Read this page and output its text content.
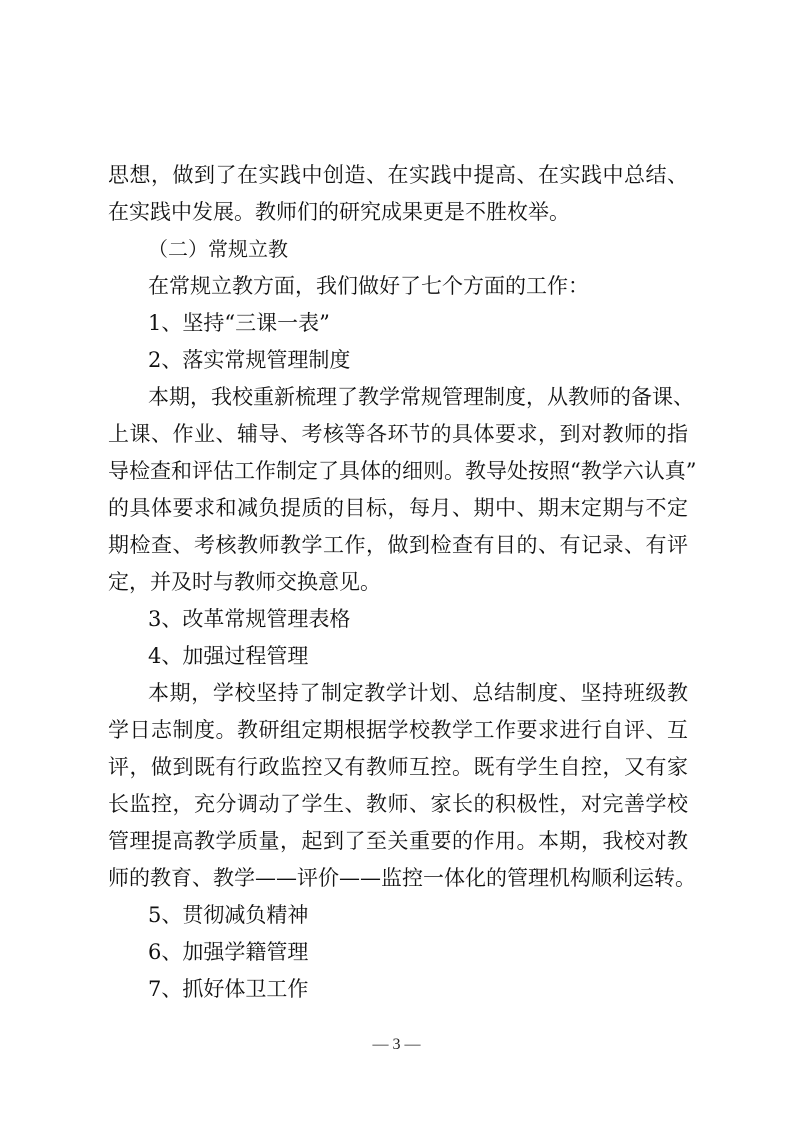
思想，做到了在实践中创造、在实践中提高、在实践中总结、
在实践中发展。教师们的研究成果更是不胜枚举。
（二）常规立教
在常规立教方面，我们做好了七个方面的工作：
1、坚持“三课一表”
2、落实常规管理制度
本期，我校重新梳理了教学常规管理制度，从教师的备课、
上课、作业、辅导、考核等各环节的具体要求，到对教师的指
导检查和评估工作制定了具体的细则。教导处按照“教学六认真”
的具体要求和减负提质的目标，每月、期中、期末定期与不定
期检查、考核教师教学工作，做到检查有目的、有记录、有评
定，并及时与教师交换意见。
3、改革常规管理表格
4、加强过程管理
本期，学校坚持了制定教学计划、总结制度、坚持班级教
学日志制度。教研组定期根据学校教学工作要求进行自评、互
评，做到既有行政监控又有教师互控。既有学生自控，又有家
长监控，充分调动了学生、教师、家长的积极性，对完善学校
管理提高教学质量，起到了至关重要的作用。本期，我校对教
师的教育、教学——评价——监控一体化的管理机构顺利运转。
5、贯彻减负精神
6、加强学籍管理
7、抓好体卫工作
— 3 —
